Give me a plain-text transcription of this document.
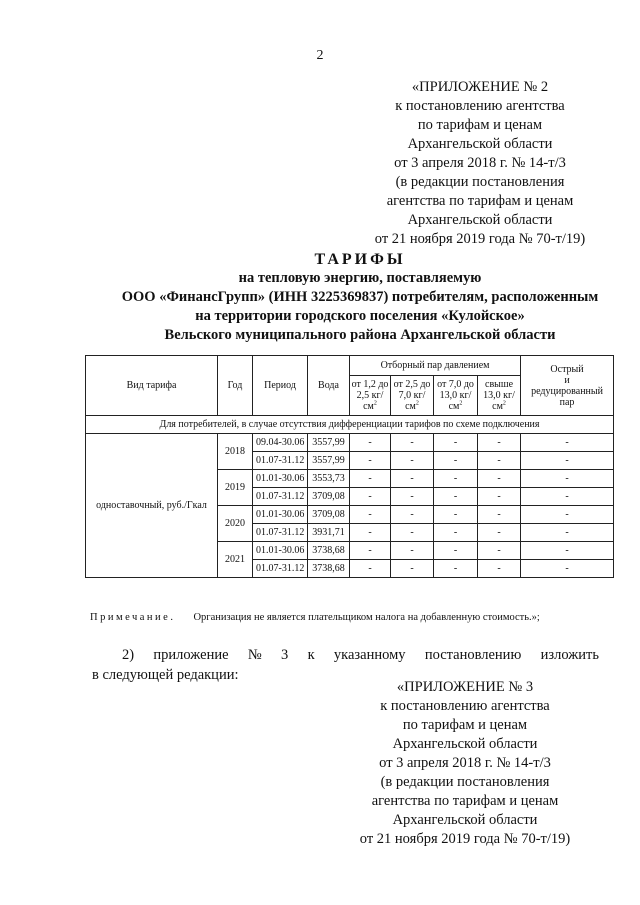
2
«ПРИЛОЖЕНИЕ № 2
к постановлению агентства
по тарифам и ценам
Архангельской области
от 3 апреля 2018 г. № 14-т/3
(в редакции постановления
агентства по тарифам и ценам
Архангельской области
от 21 ноября 2019 года № 70-т/19)
ТАРИФЫ
на тепловую энергию, поставляемую
ООО «ФинансГрупп» (ИНН 3225369837) потребителям, расположенным
на территории городского поселения «Кулойское»
Вельского муниципального района Архангельской области
Вид тарифа	Год	Период	Вода	Отборный пар давлением				Острый
и
редуцированный
пар

				от 1,2 до 2,5 $кг/см^2$	от 2,5 до 7,0 $кг/см^2$	от 7,0 до 13,0 $кг/см^2$	свыше 13,0 $кг/см^2$
Для потребителей, в случае отсутствия дифференциации тарифов по схеме подключения								
одноставочный, руб./Гкал	2018	09.04-30.06	3557,99	-	-	-	-	-
		01.07-31.12	3557,99	-	-	-	-	-
	2019	01.01-30.06	3553,73	-	-	-	-	-
		01.07-31.12	3709,08	-	-	-	-	-
	2020	01.01-30.06	3709,08	-	-	-	-	-
		01.07-31.12	3931,71	-	-	-	-	-
	2021	01.01-30.06	3738,68	-	-	-	-	-
		01.07-31.12	3738,68	-	-	-	-	-
Примечание. Организация не является плательщиком налога на добавленную стоимость.»;
2) приложение № 3 к указанному постановлению изложить
в следующей редакции:
«ПРИЛОЖЕНИЕ № 3
к постановлению агентства
по тарифам и ценам
Архангельской области
от 3 апреля 2018 г. № 14-т/3
(в редакции постановления
агентства по тарифам и ценам
Архангельской области
от 21 ноября 2019 года № 70-т/19)
